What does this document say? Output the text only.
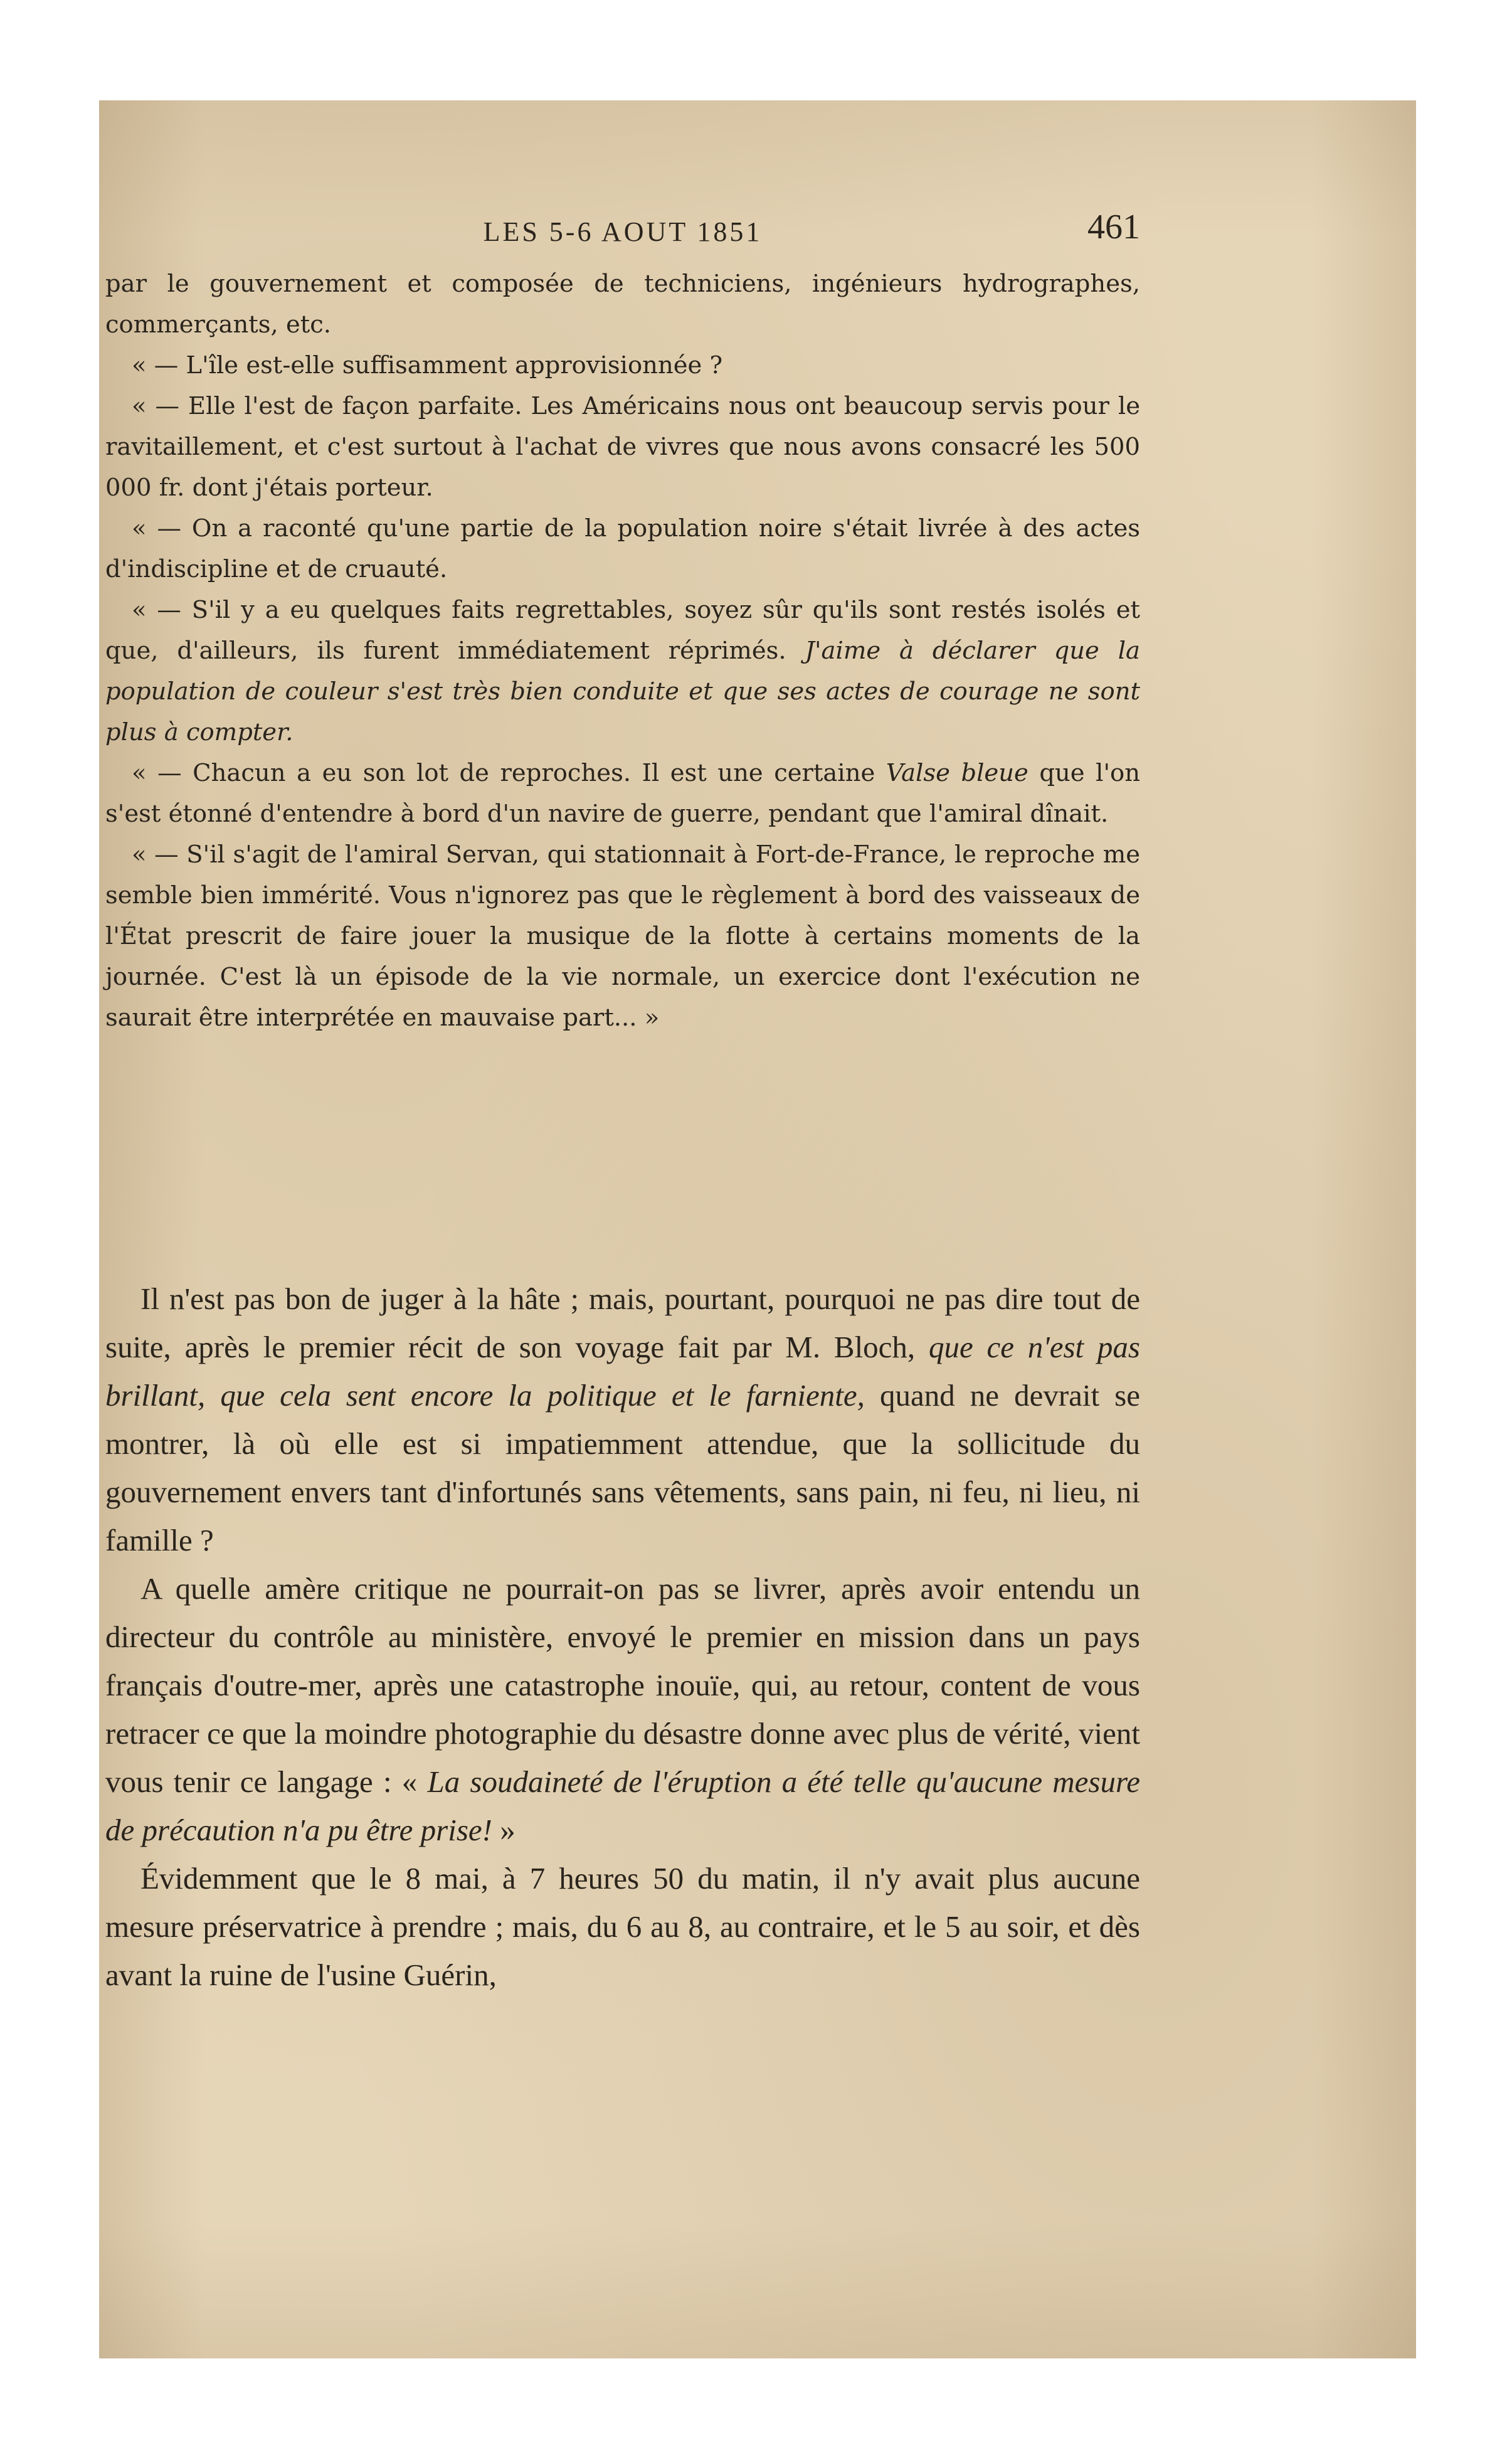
LES 5-6 AOUT 1851	461

par le gouvernement et composée de techniciens, ingénieurs hydrographes, commerçants, etc.

« — L'île est-elle suffisamment approvisionnée ?

« — Elle l'est de façon parfaite. Les Américains nous ont beaucoup servis pour le ravitaillement, et c'est surtout à l'achat de vivres que nous avons consacré les 500 000 fr. dont j'étais porteur.

« — On a raconté qu'une partie de la population noire s'était livrée à des actes d'indiscipline et de cruauté.

« — S'il y a eu quelques faits regrettables, soyez sûr qu'ils sont restés isolés et que, d'ailleurs, ils furent immédiatement réprimés. J'aime à déclarer que la population de couleur s'est très bien conduite et que ses actes de courage ne sont plus à compter.

« — Chacun a eu son lot de reproches. Il est une certaine Valse bleue que l'on s'est étonné d'entendre à bord d'un navire de guerre, pendant que l'amiral dînait.

« — S'il s'agit de l'amiral Servan, qui stationnait à Fort-de-France, le reproche me semble bien immérité. Vous n'ignorez pas que le règlement à bord des vaisseaux de l'État prescrit de faire jouer la musique de la flotte à certains moments de la journée. C'est là un épisode de la vie normale, un exercice dont l'exécution ne saurait être interprétée en mauvaise part... »

Il n'est pas bon de juger à la hâte ; mais, pourtant, pourquoi ne pas dire tout de suite, après le premier récit de son voyage fait par M. Bloch, que ce n'est pas brillant, que cela sent encore la politique et le farniente, quand ne devrait se montrer, là où elle est si impatiemment attendue, que la sollicitude du gouvernement envers tant d'infortunés sans vêtements, sans pain, ni feu, ni lieu, ni famille ?

A quelle amère critique ne pourrait-on pas se livrer, après avoir entendu un directeur du contrôle au ministère, envoyé le premier en mission dans un pays français d'outre-mer, après une catastrophe inouïe, qui, au retour, content de vous retracer ce que la moindre photographie du désastre donne avec plus de vérité, vient vous tenir ce langage : « La soudaineté de l'éruption a été telle qu'aucune mesure de précaution n'a pu être prise! »

Évidemment que le 8 mai, à 7 heures 50 du matin, il n'y avait plus aucune mesure préservatrice à prendre ; mais, du 6 au 8, au contraire, et le 5 au soir, et dès avant la ruine de l'usine Guérin,
